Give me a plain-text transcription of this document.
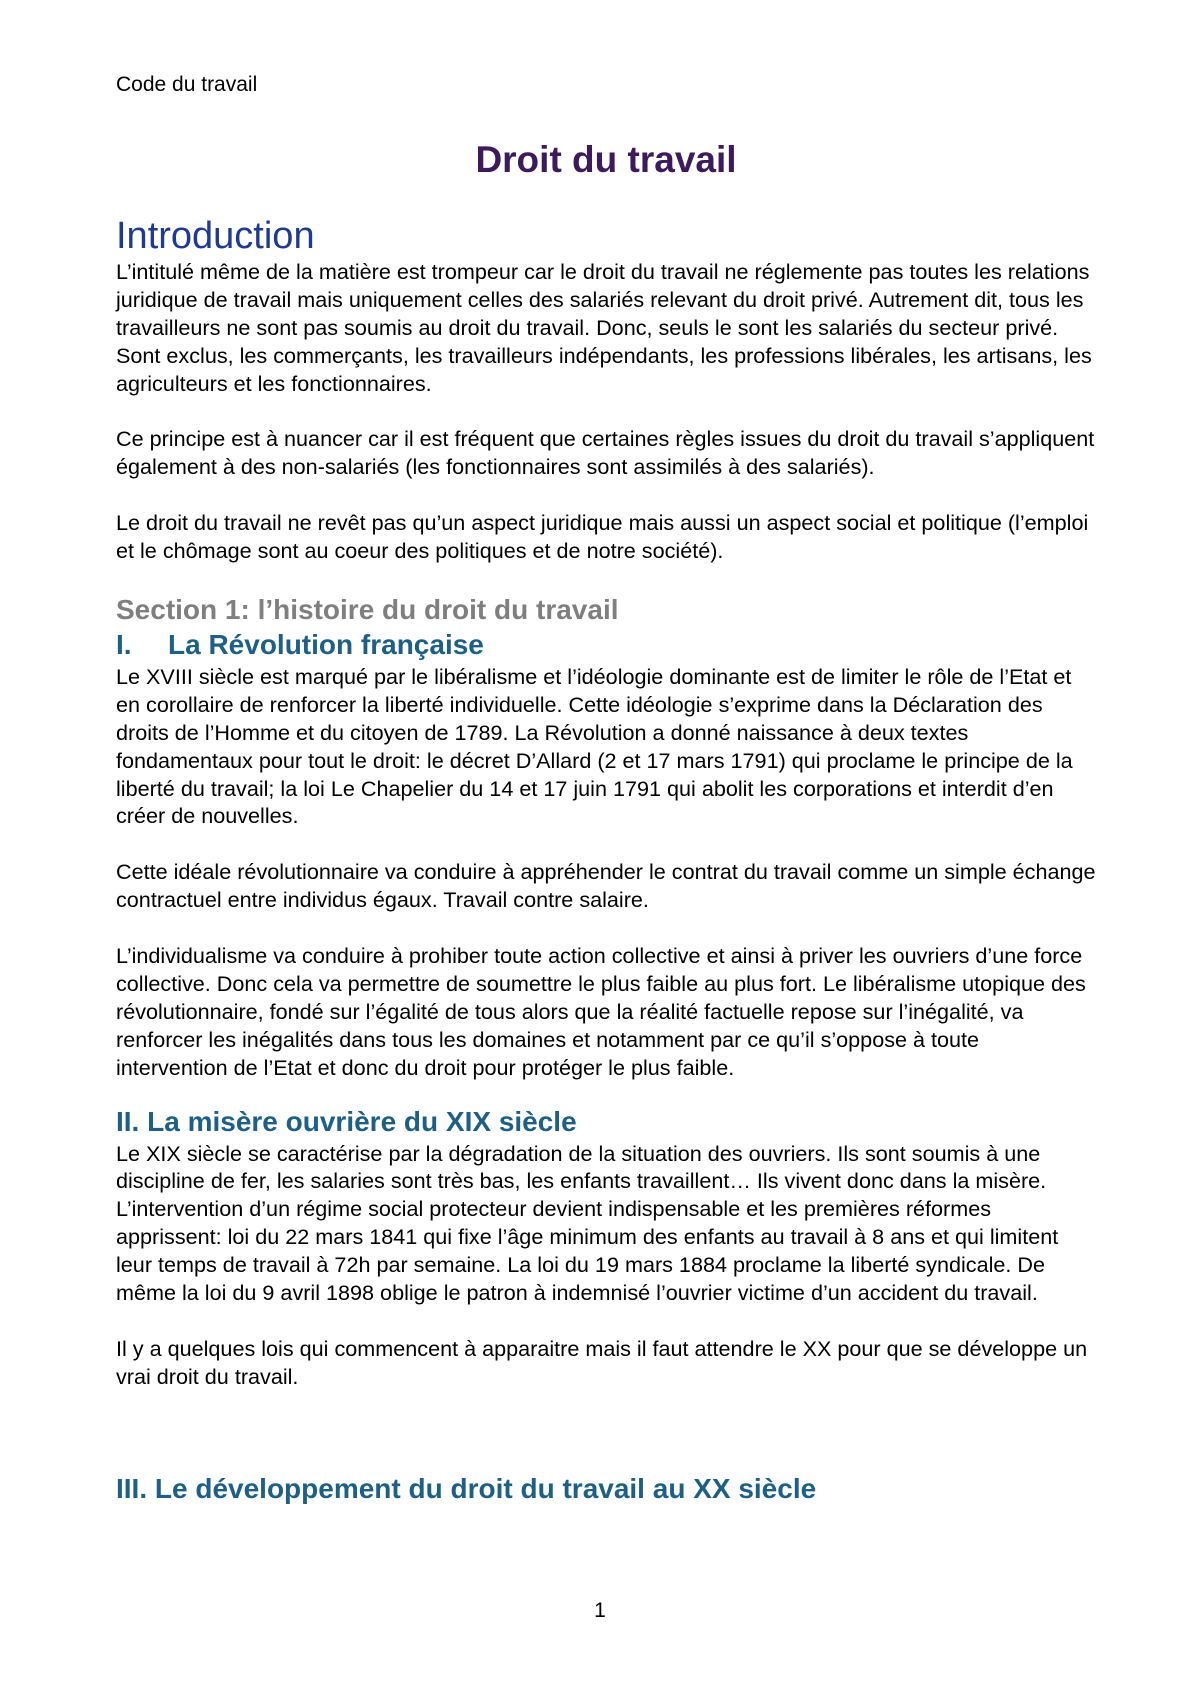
Code du travail

Droit du travail
Introduction

L’intitulé même de la matière est trompeur car le droit du travail ne réglemente pas toutes les relations juridique de travail mais uniquement celles des salariés relevant du droit privé. Autrement dit, tous les travailleurs ne sont pas soumis au droit du travail. Donc, seuls le sont les salariés du secteur privé. Sont exclus, les commerçants, les travailleurs indépendants, les professions libérales, les artisans, les agriculteurs et les fonctionnaires.

Ce principe est à nuancer car il est fréquent que certaines règles issues du droit du travail s’appliquent également à des non-salariés (les fonctionnaires sont assimilés à des salariés).

Le droit du travail ne revêt pas qu’un aspect juridique mais aussi un aspect social et politique (l’emploi et le chômage sont au coeur des politiques et de notre société).

Section 1: l’histoire du droit du travail
I. La Révolution française

Le XVIII siècle est marqué par le libéralisme et l’idéologie dominante est de limiter le rôle de l’Etat et en corollaire de renforcer la liberté individuelle. Cette idéologie s’exprime dans la Déclaration des droits de l’Homme et du citoyen de 1789. La Révolution a donné naissance à deux textes fondamentaux pour tout le droit: le décret D’Allard (2 et 17 mars 1791) qui proclame le principe de la liberté du travail; la loi Le Chapelier du 14 et 17 juin 1791 qui abolit les corporations et interdit d’en créer de nouvelles.

Cette idéale révolutionnaire va conduire à appréhender le contrat du travail comme un simple échange contractuel entre individus égaux. Travail contre salaire.

L’individualisme va conduire à prohiber toute action collective et ainsi à priver les ouvriers d’une force collective. Donc cela va permettre de soumettre le plus faible au plus fort. Le libéralisme utopique des révolutionnaire, fondé sur l’égalité de tous alors que la réalité factuelle repose sur l’inégalité, va renforcer les inégalités dans tous les domaines et notamment par ce qu’il s’oppose à toute intervention de l’Etat et donc du droit pour protéger le plus faible.

II. La misère ouvrière du XIX siècle

Le XIX siècle se caractérise par la dégradation de la situation des ouvriers. Ils sont soumis à une discipline de fer, les salaries sont très bas, les enfants travaillent… Ils vivent donc dans la misère. L’intervention d’un régime social protecteur devient indispensable et les premières réformes apprissent: loi du 22 mars 1841 qui fixe l’âge minimum des enfants au travail à 8 ans et qui limitent leur temps de travail à 72h par semaine. La loi du 19 mars 1884 proclame la liberté syndicale. De même la loi du 9 avril 1898 oblige le patron à indemnisé l’ouvrier victime d’un accident du travail.

Il y a quelques lois qui commencent à apparaitre mais il faut attendre le XX pour que se développe un vrai droit du travail.

III. Le développement du droit du travail au XX siècle
1
